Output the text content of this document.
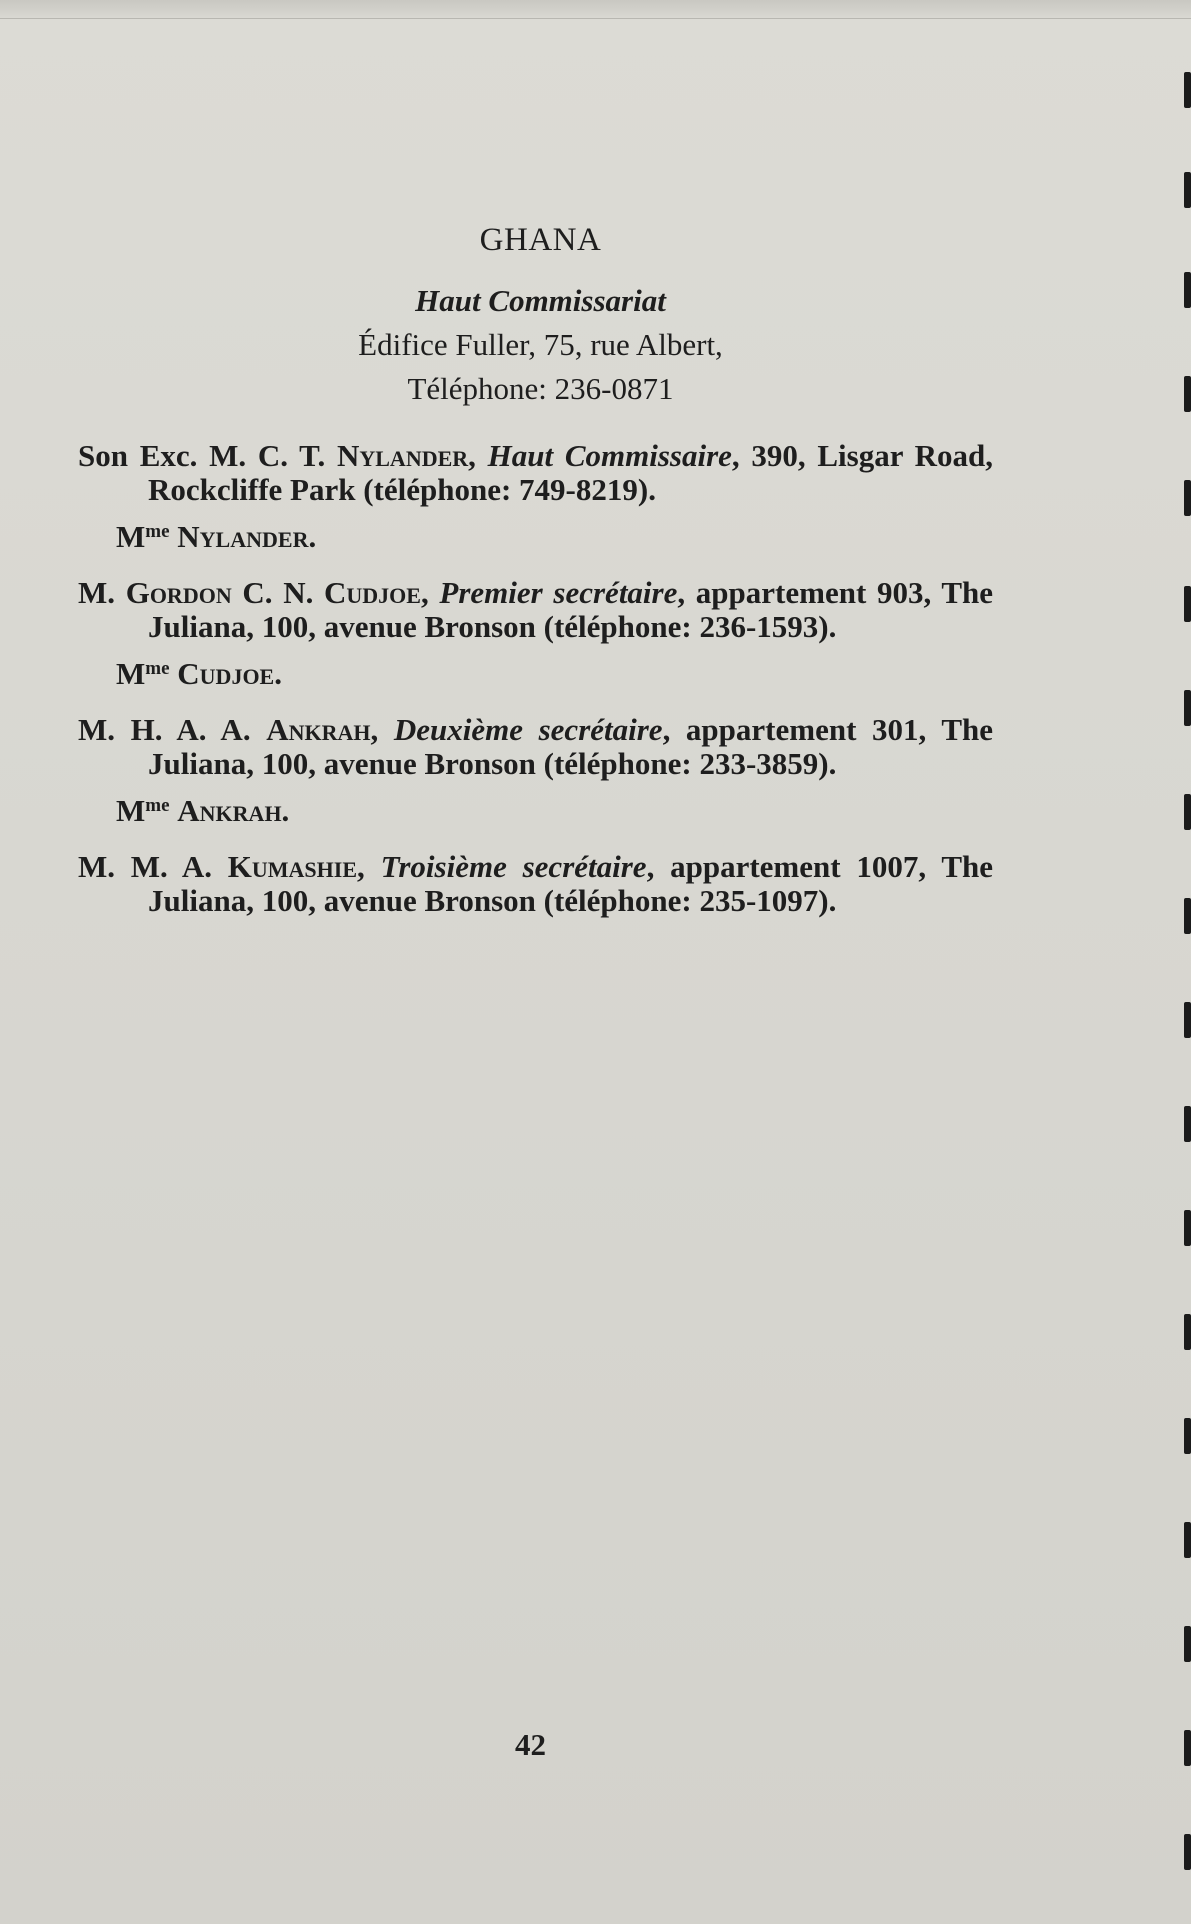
GHANA
Haut Commissariat
Édifice Fuller, 75, rue Albert,
Téléphone: 236-0871

Son Exc. M. C. T. Nylander, Haut Commissaire, 390, Lisgar Road, Rockcliffe Park (téléphone: 749-8219).

$M^{me}$ Nylander.

M. Gordon C. N. Cudjoe, Premier secrétaire, appartement 903, The Juliana, 100, avenue Bronson (téléphone: 236-1593).

$M^{me}$ Cudjoe.

M. H. A. A. Ankrah, Deuxième secrétaire, appartement 301, The Juliana, 100, avenue Bronson (téléphone: 233-3859).

$M^{me}$ Ankrah.

M. M. A. Kumashie, Troisième secrétaire, appartement 1007, The Juliana, 100, avenue Bronson (téléphone: 235-1097).

42
